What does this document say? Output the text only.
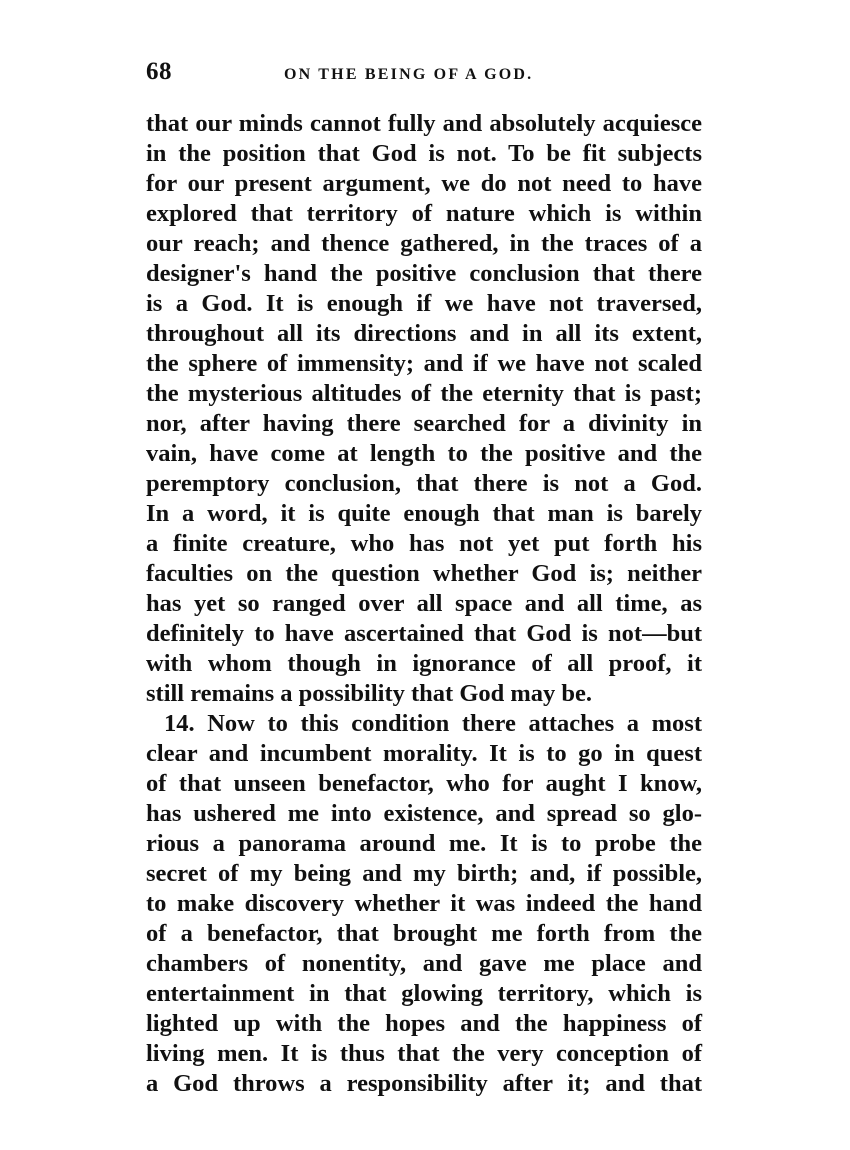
68	ON THE BEING OF A GOD.
that our minds cannot fully and absolutely acquiesce
in the position that God is not. To be fit subjects
for our present argument, we do not need to have
explored that territory of nature which is within
our reach; and thence gathered, in the traces of a
designer's hand the positive conclusion that there
is a God. It is enough if we have not traversed,
throughout all its directions and in all its extent,
the sphere of immensity; and if we have not scaled
the mysterious altitudes of the eternity that is past;
nor, after having there searched for a divinity in
vain, have come at length to the positive and the
peremptory conclusion, that there is not a God.
In a word, it is quite enough that man is barely
a finite creature, who has not yet put forth his
faculties on the question whether God is; neither
has yet so ranged over all space and all time, as
definitely to have ascertained that God is not—but
with whom though in ignorance of all proof, it
still remains a possibility that God may be.
14. Now to this condition there attaches a most
clear and incumbent morality. It is to go in quest
of that unseen benefactor, who for aught I know,
has ushered me into existence, and spread so glo-
rious a panorama around me. It is to probe the
secret of my being and my birth; and, if possible,
to make discovery whether it was indeed the hand
of a benefactor, that brought me forth from the
chambers of nonentity, and gave me place and
entertainment in that glowing territory, which is
lighted up with the hopes and the happiness of
living men. It is thus that the very conception of
a God throws a responsibility after it; and that
